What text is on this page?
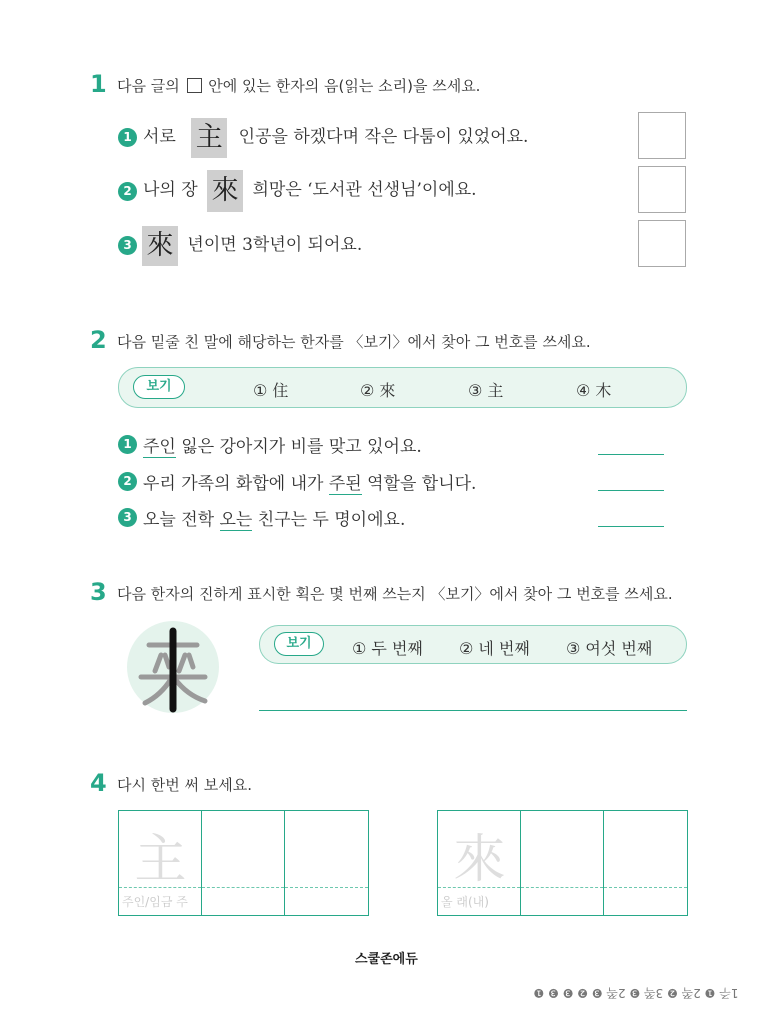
1 다음 글의 안에 있는 한자의 음(읽는 소리)을 쓰세요.
1 서로 主 인공을 하겠다며 작은 다툼이 있었어요.
2 나의 장 來 희망은 ‘도서관 선생님’이에요.
3 來 년이면 3학년이 되어요.
2 다음 밑줄 친 말에 해당하는 한자를 〈보기〉에서 찾아 그 번호를 쓰세요.
보기	① 住	② 來	③ 主	④ 木
1 주인 잃은 강아지가 비를 맞고 있어요.
2 우리 가족의 화합에 내가 주된 역할을 합니다.
3 오늘 전학 오는 친구는 두 명이에요.
3 다음 한자의 진하게 표시한 획은 몇 번째 쓰는지 〈보기〉에서 찾아 그 번호를 쓰세요.
보기	① 두 번째 ② 네 번째 ③ 여섯 번째
4 다시 한번 써 보세요.
主
주인/임금 주
來
올 래(내)
스쿨존에듀
1주 ❶ 2쪽 ❷ 3쪽 ❸ 2쪽 ❸ ❷ ❸ ❸ ❶
